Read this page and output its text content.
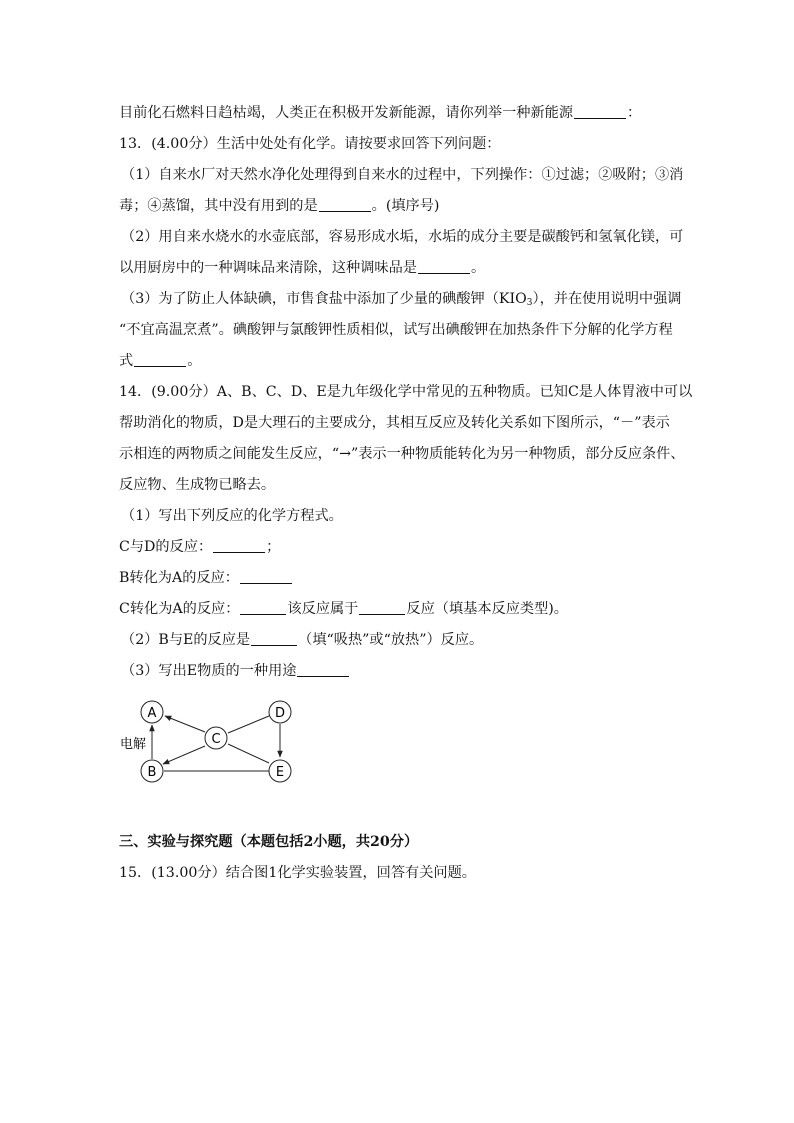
目前化石燃料日趋枯竭，人类正在积极开发新能源，请你列举一种新能源	：
13．(4.00分）生活中处处有化学。请按要求回答下列问题：
（1）自来水厂对天然水净化处理得到自来水的过程中，下列操作：①过滤；②吸附；③消
毒；④蒸馏，其中没有用到的是	。(填序号)
（2）用自来水烧水的水壶底部，容易形成水垢，水垢的成分主要是碳酸钙和氢氧化镁，可
以用厨房中的一种调味品来清除，这种调味品是	。
（3）为了防止人体缺碘，市售食盐中添加了少量的碘酸钾$(KIO_3)$，并在使用说明中强调
“不宜高温烹煮”。碘酸钾与氯酸钾性质相似，试写出碘酸钾在加热条件下分解的化学方程
式	。
14．(9.00分）A、B、C、D、E是九年级化学中常见的五种物质。已知C是人体胃液中可以
帮助消化的物质，D是大理石的主要成分，其相互反应及转化关系如下图所示，“－”表示
示相连的两物质之间能发生反应，“→”表示一种物质能转化为另一种物质，部分反应条件、
反应物、生成物已略去。
（1）写出下列反应的化学方程式。
C与D的反应：	；
B转化为A的反应：
C转化为A的反应：	该反应属于	反应（填基本反应类型)。
（2）B与E的反应是	（填“吸热”或“放热”）反应。
（3）写出E物质的一种用途
A
C
D
B	E
电解
三、实验与探究题（本题包括2小题，共20分）
15．(13.00分）结合图1化学实验装置，回答有关问题。
